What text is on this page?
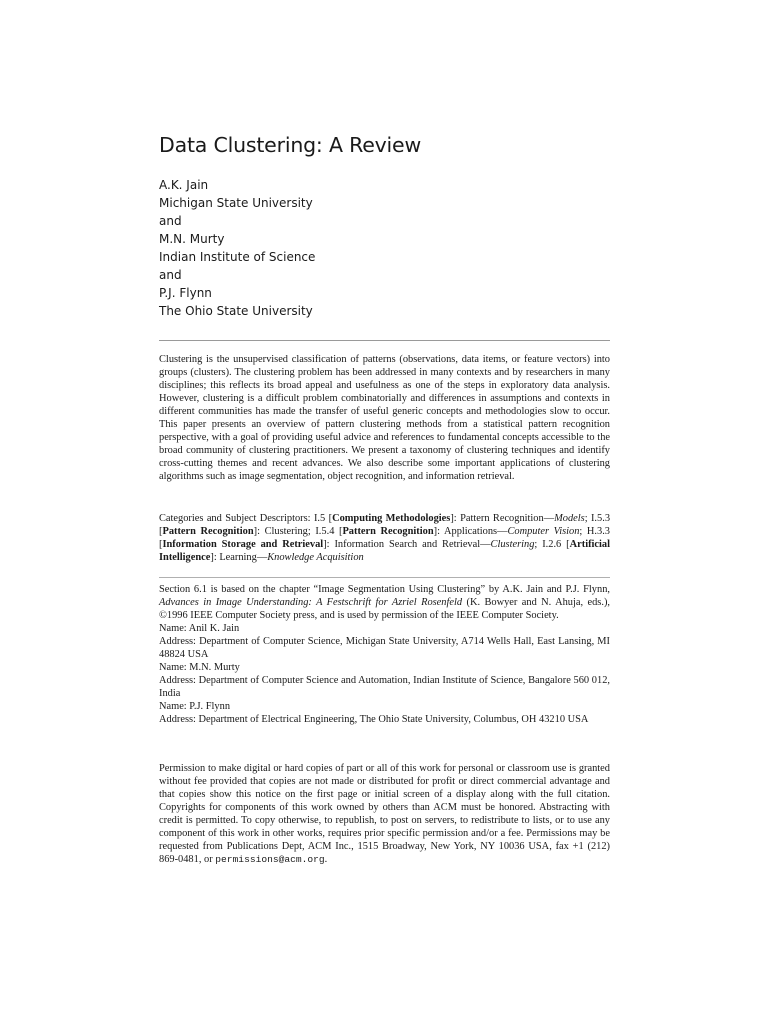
Data Clustering: A Review
A.K. Jain
Michigan State University
and
M.N. Murty
Indian Institute of Science
and
P.J. Flynn
The Ohio State University

Clustering is the unsupervised classification of patterns (observations, data items, or feature vectors) into groups (clusters). The clustering problem has been addressed in many contexts and by researchers in many disciplines; this reflects its broad appeal and usefulness as one of the steps in exploratory data analysis. However, clustering is a difficult problem combinatorially and differences in assumptions and contexts in different communities has made the transfer of useful generic concepts and methodologies slow to occur. This paper presents an overview of pattern clustering methods from a statistical pattern recognition perspective, with a goal of providing useful advice and references to fundamental concepts accessible to the broad community of clustering practitioners. We present a taxonomy of clustering techniques and identify cross-cutting themes and recent advances. We also describe some important applications of clustering algorithms such as image segmentation, object recognition, and information retrieval.

Categories and Subject Descriptors: I.5 [Computing Methodologies]: Pattern Recognition—Models; I.5.3 [Pattern Recognition]: Clustering; I.5.4 [Pattern Recognition]: Applications—Computer Vision; H.3.3 [Information Storage and Retrieval]: Information Search and Retrieval—Clustering; I.2.6 [Artificial Intelligence]: Learning—Knowledge Acquisition

Section 6.1 is based on the chapter “Image Segmentation Using Clustering” by A.K. Jain and P.J. Flynn, Advances in Image Understanding: A Festschrift for Azriel Rosenfeld (K. Bowyer and N. Ahuja, eds.), ©1996 IEEE Computer Society press, and is used by permission of the IEEE Computer Society.
Name: Anil K. Jain
Address: Department of Computer Science, Michigan State University, A714 Wells Hall, East Lansing, MI 48824 USA
Name: M.N. Murty
Address: Department of Computer Science and Automation, Indian Institute of Science, Bangalore 560 012, India
Name: P.J. Flynn
Address: Department of Electrical Engineering, The Ohio State University, Columbus, OH 43210 USA

Permission to make digital or hard copies of part or all of this work for personal or classroom use is granted without fee provided that copies are not made or distributed for profit or direct commercial advantage and that copies show this notice on the first page or initial screen of a display along with the full citation. Copyrights for components of this work owned by others than ACM must be honored. Abstracting with credit is permitted. To copy otherwise, to republish, to post on servers, to redistribute to lists, or to use any component of this work in other works, requires prior specific permission and/or a fee. Permissions may be requested from Publications Dept, ACM Inc., 1515 Broadway, New York, NY 10036 USA, fax +1 (212) 869-0481, or permissions@acm.org.
